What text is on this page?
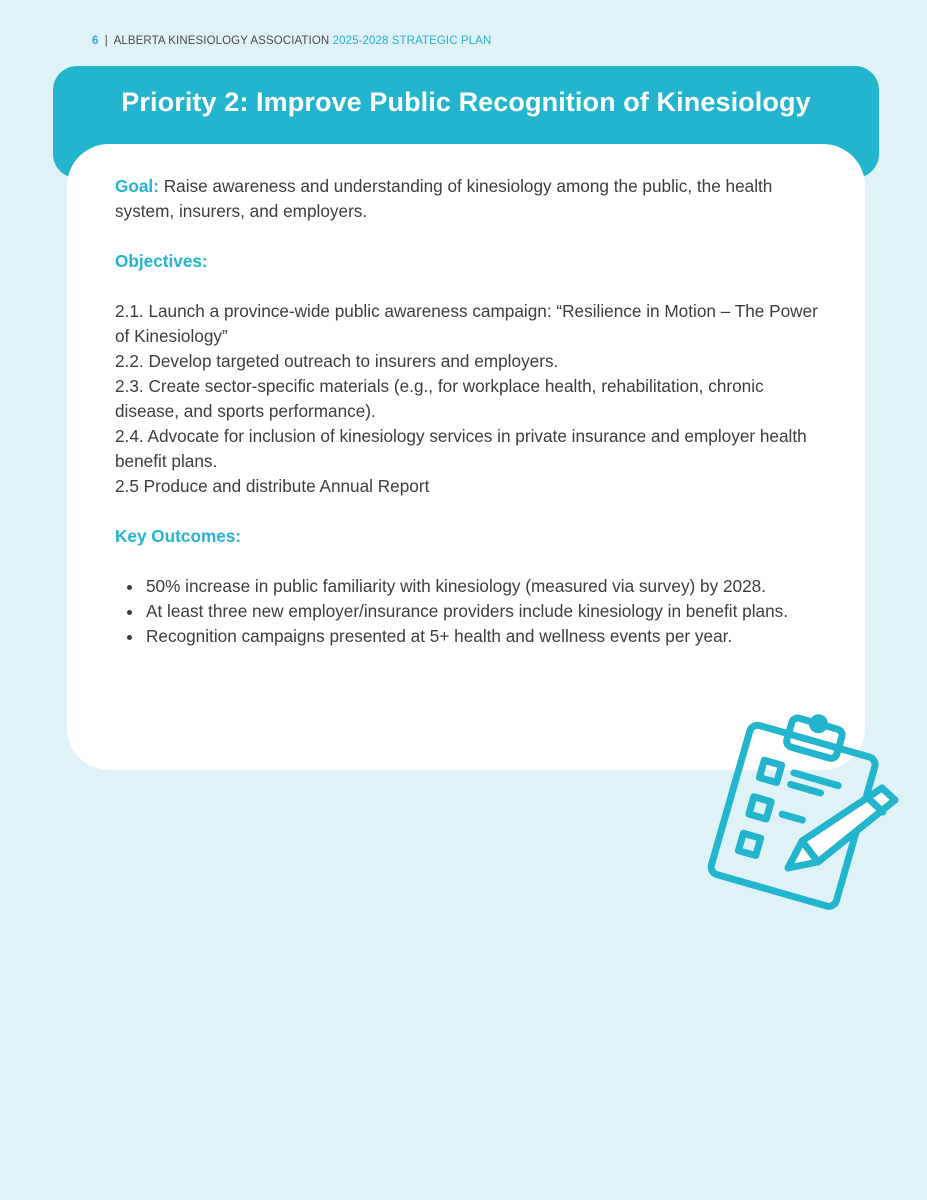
6 | ALBERTA KINESIOLOGY ASSOCIATION 2025-2028 STRATEGIC PLAN
Priority 2: Improve Public Recognition of Kinesiology

Goal: Raise awareness and understanding of kinesiology among the public, the health system, insurers, and employers.

Objectives:

2.1. Launch a province-wide public awareness campaign: “Resilience in Motion – The Power of Kinesiology”
2.2. Develop targeted outreach to insurers and employers.
2.3. Create sector-specific materials (e.g., for workplace health, rehabilitation, chronic disease, and sports performance).
2.4. Advocate for inclusion of kinesiology services in private insurance and employer health benefit plans.
2.5 Produce and distribute Annual Report

Key Outcomes:

50% increase in public familiarity with kinesiology (measured via survey) by 2028.
At least three new employer/insurance providers include kinesiology in benefit plans.
Recognition campaigns presented at 5+ health and wellness events per year.
